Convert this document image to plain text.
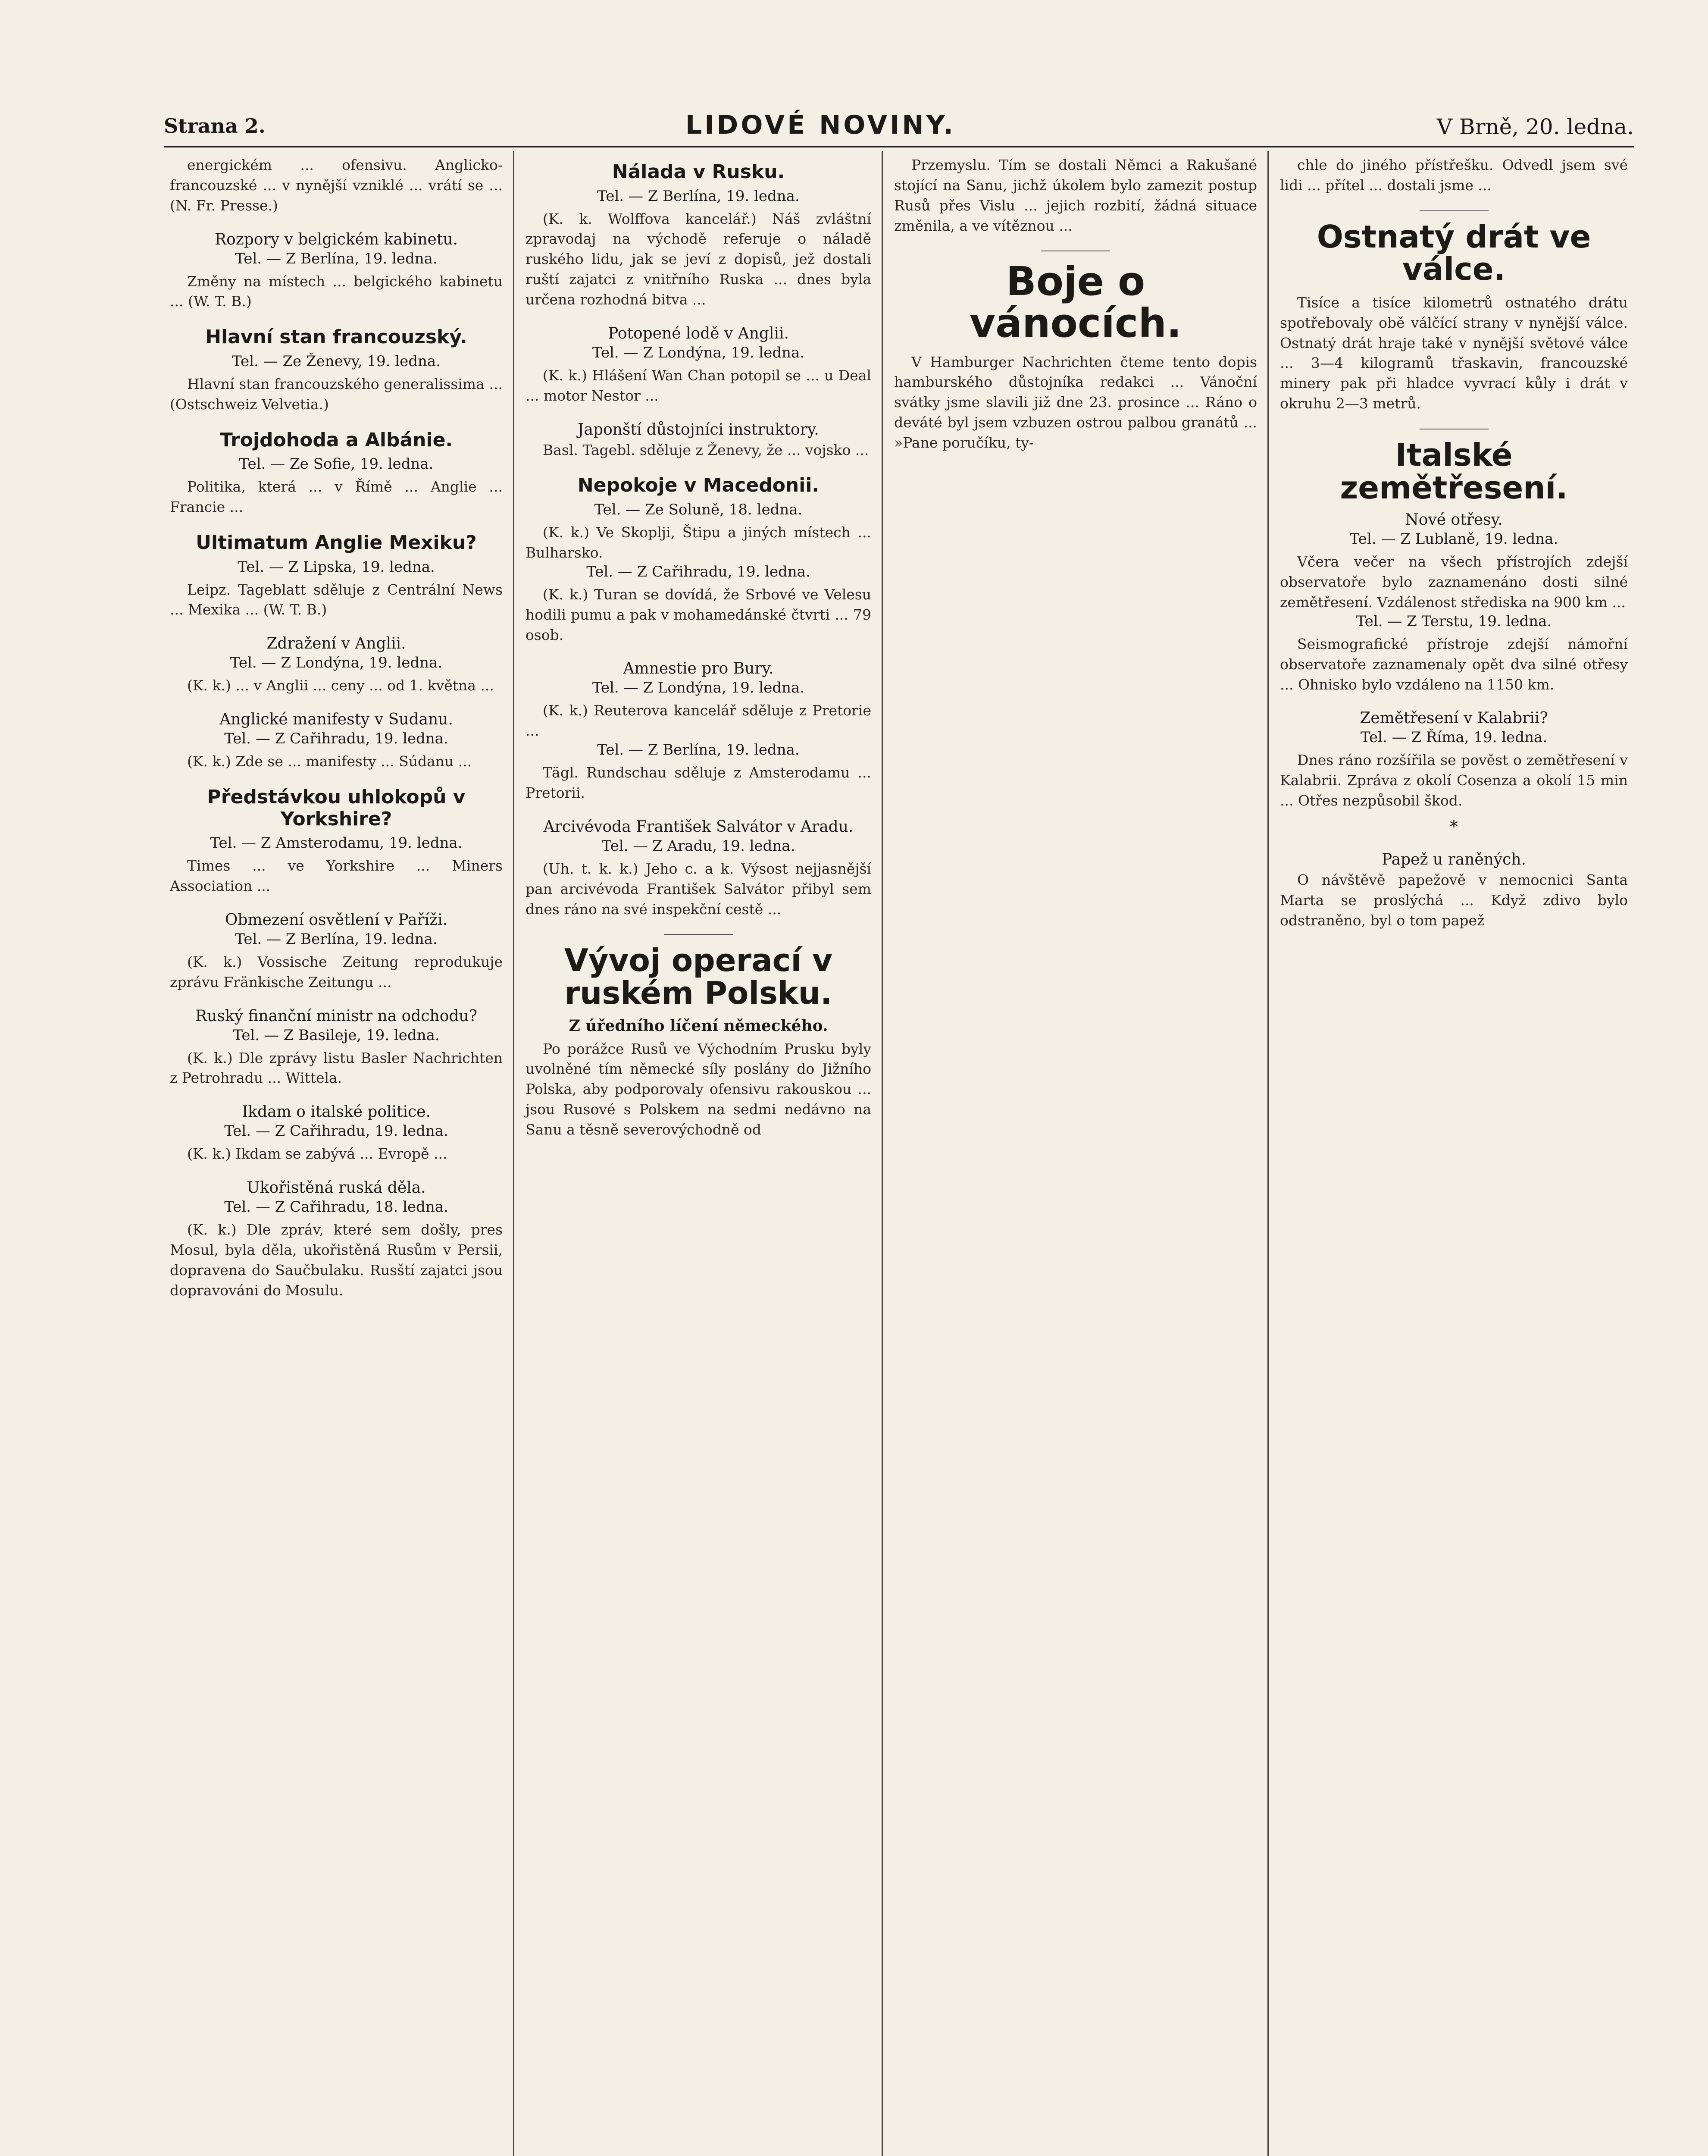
Strana 2.	LIDOVÉ NOVINY.	V Brně, 20. ledna.

energickém ... ofensivu. Anglicko-francouzské ... v nynější vzniklé ... vrátí se ... (N. Fr. Presse.)

Rozpory v belgickém kabinetu.
Tel. — Z Berlína, 19. ledna.

Změny na místech ... belgického kabinetu ... (W. T. B.)

Hlavní stan francouzský.
Tel. — Ze Ženevy, 19. ledna.

Hlavní stan francouzského generalissima ... (Ostschweiz Velvetia.)

Trojdohoda a Albánie.
Tel. — Ze Sofie, 19. ledna.

Politika, která ... v Římě ... Anglie ... Francie ...

Ultimatum Anglie Mexiku?
Tel. — Z Lipska, 19. ledna.

Leipz. Tageblatt sděluje z Centrální News ... Mexika ... (W. T. B.)

Zdražení v Anglii.
Tel. — Z Londýna, 19. ledna.

(K. k.) ... v Anglii ... ceny ... od 1. května ...

Anglické manifesty v Sudanu.
Tel. — Z Cařihradu, 19. ledna.

(K. k.) Zde se ... manifesty ... Súdanu ...

Předstávkou uhlokopů v Yorkshire?
Tel. — Z Amsterodamu, 19. ledna.

Times ... ve Yorkshire ... Miners Association ...

Obmezení osvětlení v Paříži.
Tel. — Z Berlína, 19. ledna.

(K. k.) Vossische Zeitung reprodukuje zprávu Fränkische Zeitungu ...

Ruský finanční ministr na odchodu?
Tel. — Z Basileje, 19. ledna.

(K. k.) Dle zprávy listu Basler Nachrichten z Petrohradu ... Wittela.

Ikdam o italské politice.
Tel. — Z Cařihradu, 19. ledna.

(K. k.) Ikdam se zabývá ... Evropě ...

Ukořistěná ruská děla.
Tel. — Z Cařihradu, 18. ledna.

(K. k.) Dle zpráv, které sem došly, pres Mosul, byla děla, ukořistěná Rusům v Persii, dopravena do Saučbulaku. Rusští zajatci jsou dopravováni do Mosulu.

Nálada v Rusku.
Tel. — Z Berlína, 19. ledna.

(K. k. Wolffova kancelář.) Náš zvláštní zpravodaj na východě referuje o náladě ruského lidu, jak se jeví z dopisů, jež dostali ruští zajatci z vnitřního Ruska ... dnes byla určena rozhodná bitva ...

Potopené lodě v Anglii.
Tel. — Z Londýna, 19. ledna.

(K. k.) Hlášení Wan Chan potopil se ... u Deal ... motor Nestor ...

Japonští důstojníci instruktory.

Basl. Tagebl. sděluje z Ženevy, že ... vojsko ...

Nepokoje v Macedonii.
Tel. — Ze Soluně, 18. ledna.

(K. k.) Ve Skoplji, Štipu a jiných místech ... Bulharsko.

Tel. — Z Cařihradu, 19. ledna.

(K. k.) Turan se dovídá, že Srbové ve Velesu hodili pumu a pak v mohamedánské čtvrti ... 79 osob.

Amnestie pro Bury.
Tel. — Z Londýna, 19. ledna.

(K. k.) Reuterova kancelář sděluje z Pretorie ...

Tel. — Z Berlína, 19. ledna.

Tägl. Rundschau sděluje z Amsterodamu ... Pretorii.

Arcivévoda František Salvátor v Aradu.
Tel. — Z Aradu, 19. ledna.

(Uh. t. k. k.) Jeho c. a k. Výsost nejjasnější pan arcivévoda František Salvátor přibyl sem dnes ráno na své inspekční cestě ...

Vývoj operací v ruském Polsku.
Z úředního líčení německého.

Po porážce Rusů ve Východním Prusku byly uvolněné tím německé síly poslány do Jižního Polska, aby podporovaly ofensivu rakouskou ... jsou Rusové s Polskem na sedmi nedávno na Sanu a těsně severovýchodně od

Przemyslu. Tím se dostali Němci a Rakušané stojící na Sanu, jichž úkolem bylo zamezit postup Rusů přes Vislu ... jejich rozbití, žádná situace změnila, a ve vítěznou ...

Boje o vánocích.

V Hamburger Nachrichten čteme tento dopis hamburského důstojníka redakci ... Vánoční svátky jsme slavili již dne 23. prosince ... Ráno o deváté byl jsem vzbuzen ostrou palbou granátů ... »Pane poručíku, ty-

chle do jiného přístřešku. Odvedl jsem své lidi ... přítel ... dostali jsme ...

Ostnatý drát ve válce.

Tisíce a tisíce kilometrů ostnatého drátu spotřebovaly obě válčící strany v nynější válce. Ostnatý drát hraje také v nynější světové válce ... 3—4 kilogramů třaskavin, francouzské minery pak při hladce vyvrací kůly i drát v okruhu 2—3 metrů.

Italské zemětřesení.
Nové otřesy.
Tel. — Z Lublaně, 19. ledna.

Včera večer na všech přístrojích zdejší observatoře bylo zaznamenáno dosti silné zemětřesení. Vzdálenost střediska na 900 km ...

Tel. — Z Terstu, 19. ledna.

Seismografické přístroje zdejší námořní observatoře zaznamenaly opět dva silné otřesy ... Ohnisko bylo vzdáleno na 1150 km.

Zemětřesení v Kalabrii?
Tel. — Z Říma, 19. ledna.

Dnes ráno rozšířila se pověst o zemětřesení v Kalabrii. Zpráva z okolí Cosenza a okolí 15 min ... Otřes nezpůsobil škod.

*
Papež u raněných.

O návštěvě papežově v nemocnici Santa Marta se proslýchá ... Když zdivo bylo odstraněno, byl o tom papež
